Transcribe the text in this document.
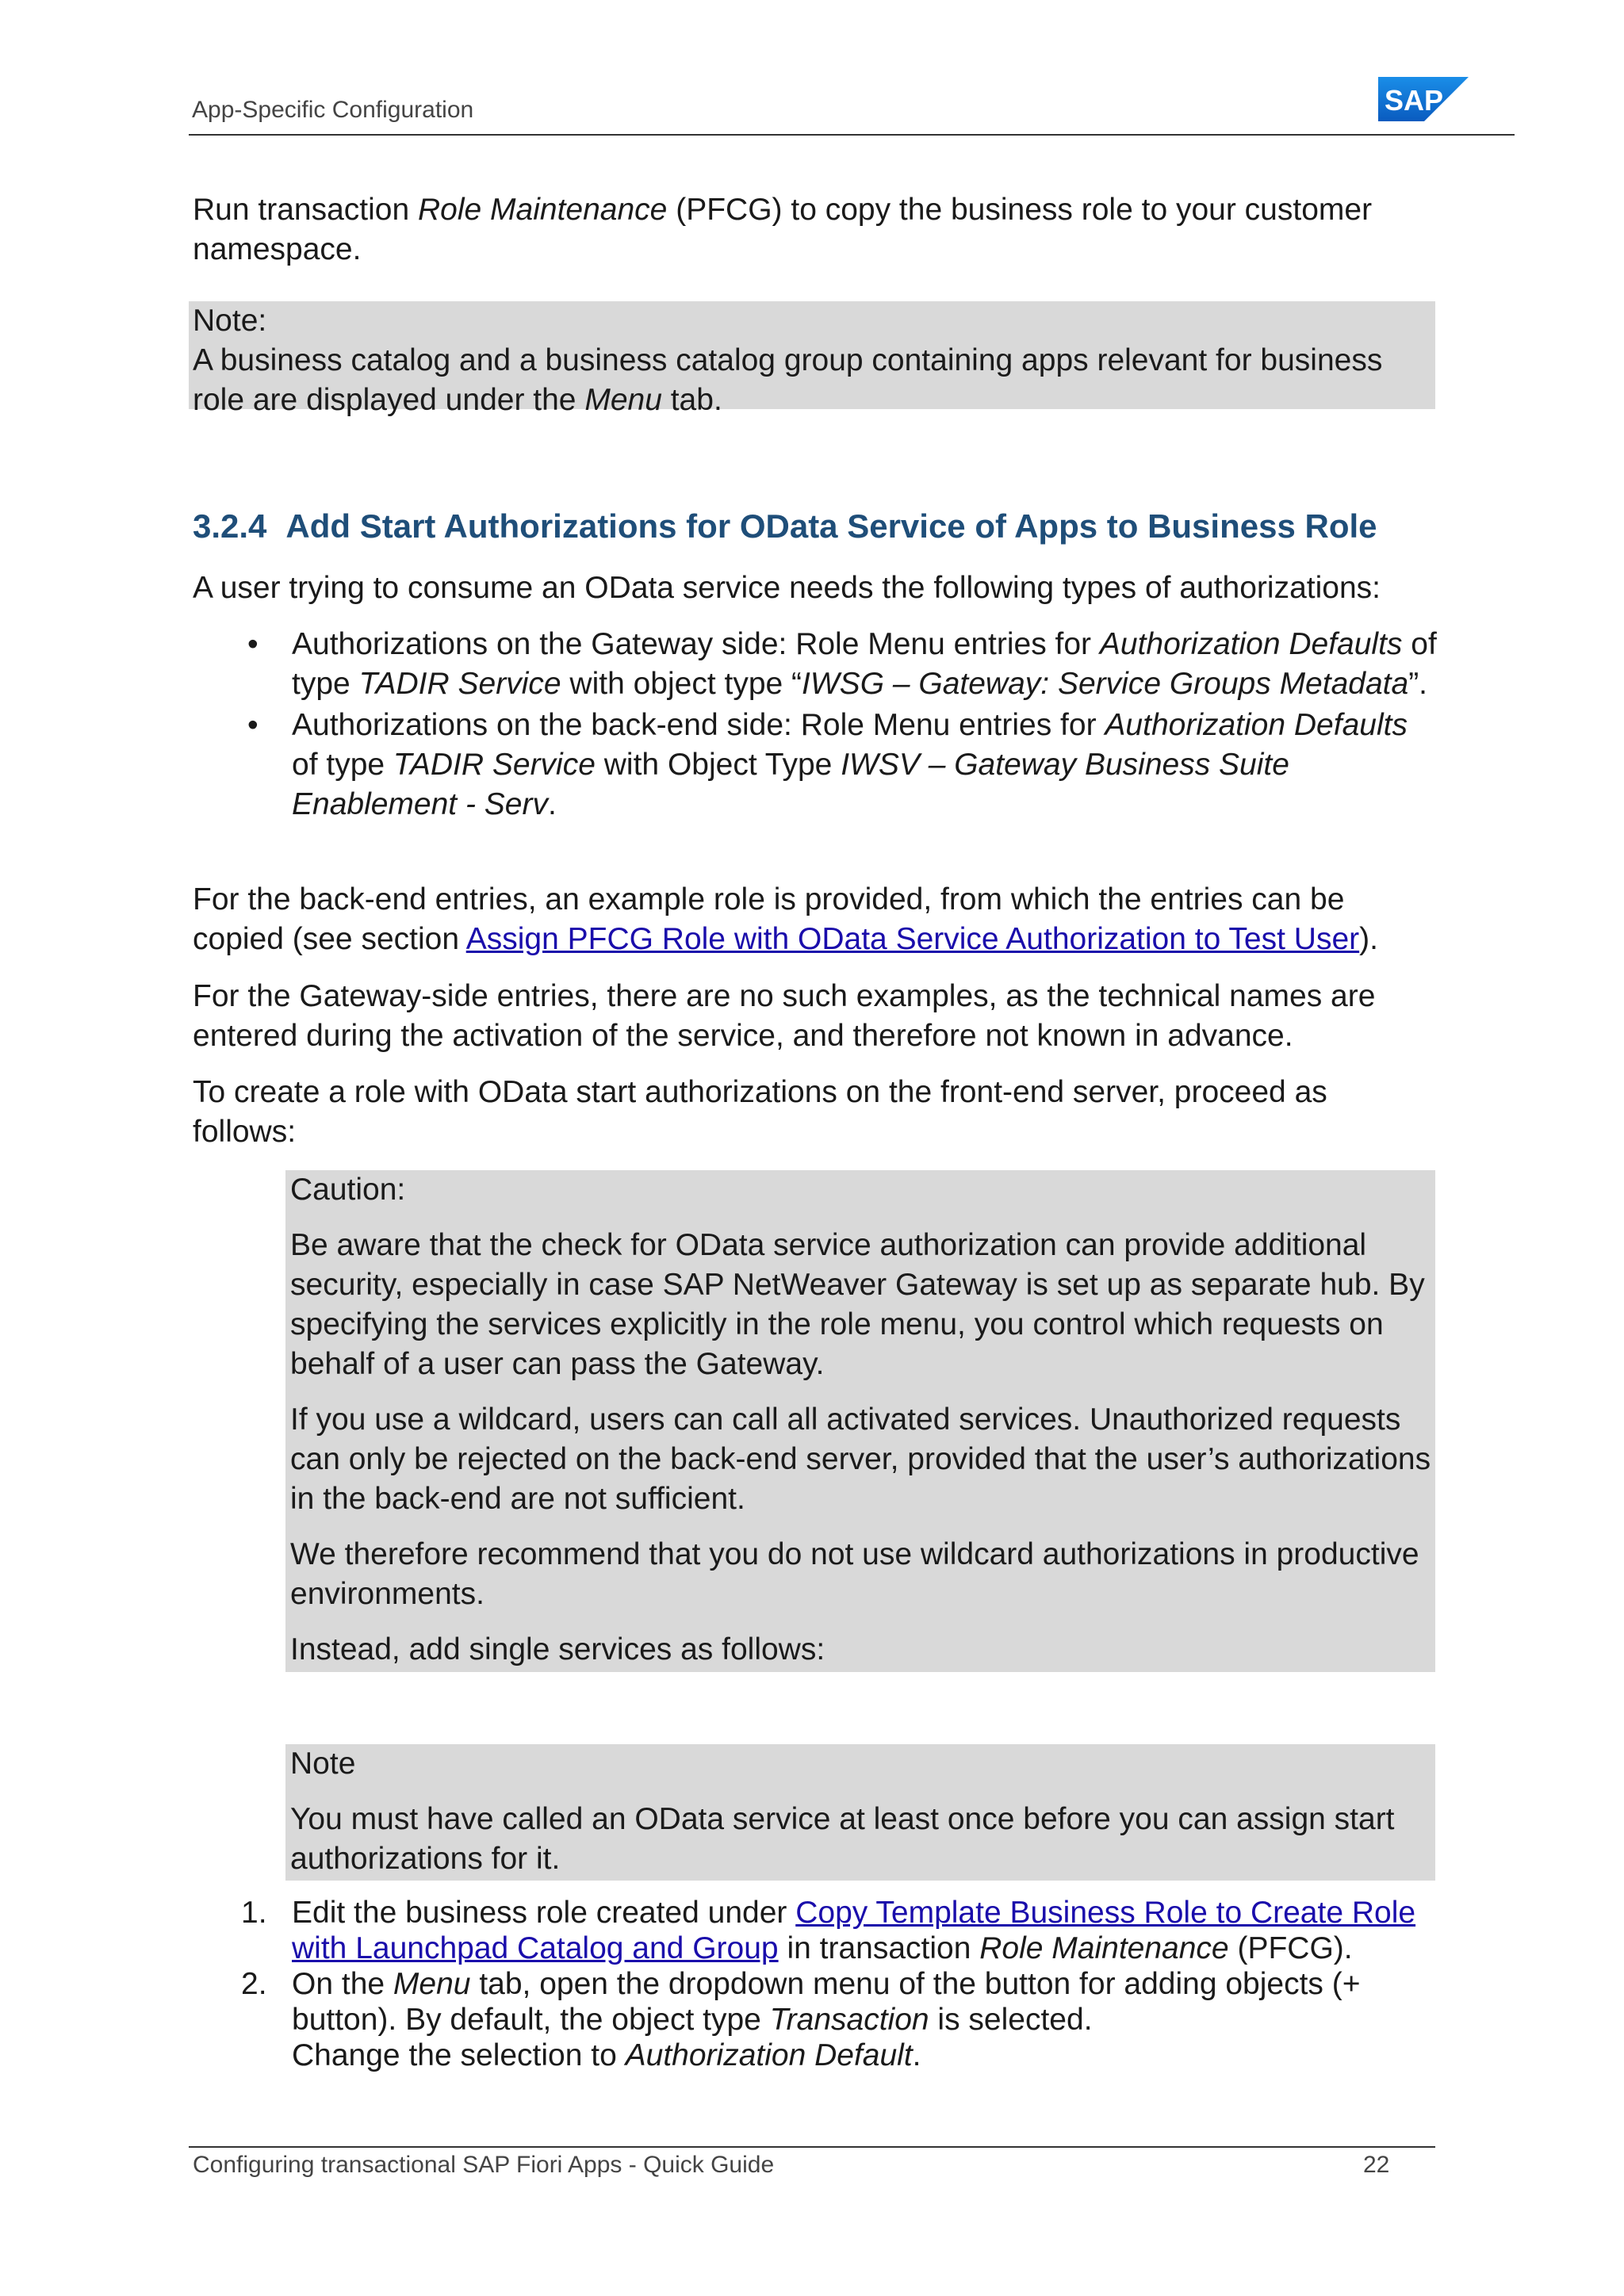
App-Specific Configuration	SAP
Run transaction Role Maintenance (PFCG) to copy the business role to your customer namespace.
Note:
A business catalog and a business catalog group containing apps relevant for business role are displayed under the Menu tab.
3.2.4 Add Start Authorizations for OData Service of Apps to Business Role
A user trying to consume an OData service needs the following types of authorizations:
• Authorizations on the Gateway side: Role Menu entries for Authorization Defaults of type TADIR Service with object type “IWSG – Gateway: Service Groups Metadata”.
• Authorizations on the back-end side: Role Menu entries for Authorization Defaults of type TADIR Service with Object Type IWSV – Gateway Business Suite Enablement - Serv.
For the back-end entries, an example role is provided, from which the entries can be copied (see section Assign PFCG Role with OData Service Authorization to Test User).
For the Gateway-side entries, there are no such examples, as the technical names are entered during the activation of the service, and therefore not known in advance.
To create a role with OData start authorizations on the front-end server, proceed as follows:
Caution:
Be aware that the check for OData service authorization can provide additional security, especially in case SAP NetWeaver Gateway is set up as separate hub. By specifying the services explicitly in the role menu, you control which requests on behalf of a user can pass the Gateway.
If you use a wildcard, users can call all activated services. Unauthorized requests can only be rejected on the back-end server, provided that the user’s authorizations in the back-end are not sufficient.
We therefore recommend that you do not use wildcard authorizations in productive environments.
Instead, add single services as follows:
Note
You must have called an OData service at least once before you can assign start authorizations for it.
1. Edit the business role created under Copy Template Business Role to Create Role with Launchpad Catalog and Group in transaction Role Maintenance (PFCG).
2. On the Menu tab, open the dropdown menu of the button for adding objects (+ button). By default, the object type Transaction is selected.
Change the selection to Authorization Default.
Configuring transactional SAP Fiori Apps - Quick Guide	22
